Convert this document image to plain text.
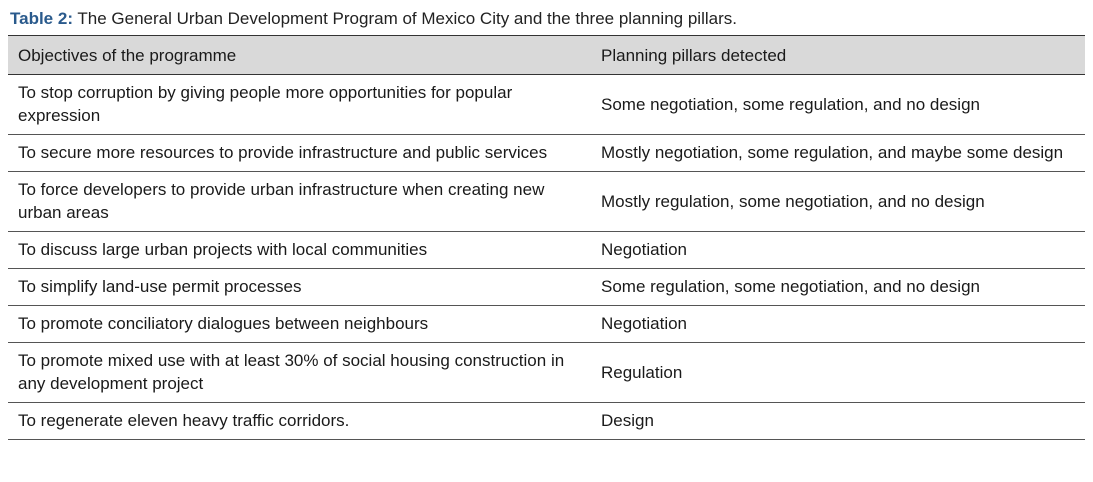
Table 2: The General Urban Development Program of Mexico City and the three planning pillars.
Objectives of the programme	Planning pillars detected
To stop corruption by giving people more opportunities for popular expression	Some negotiation, some regulation, and no design
To secure more resources to provide infrastructure and public services	Mostly negotiation, some regulation, and maybe some design
To force developers to provide urban infrastructure when creating new urban areas	Mostly regulation, some negotiation, and no design
To discuss large urban projects with local communities	Negotiation
To simplify land-use permit processes	Some regulation, some negotiation, and no design
To promote conciliatory dialogues between neighbours	Negotiation
To promote mixed use with at least 30% of social housing construction in any development project	Regulation
To regenerate eleven heavy traffic corridors.	Design
